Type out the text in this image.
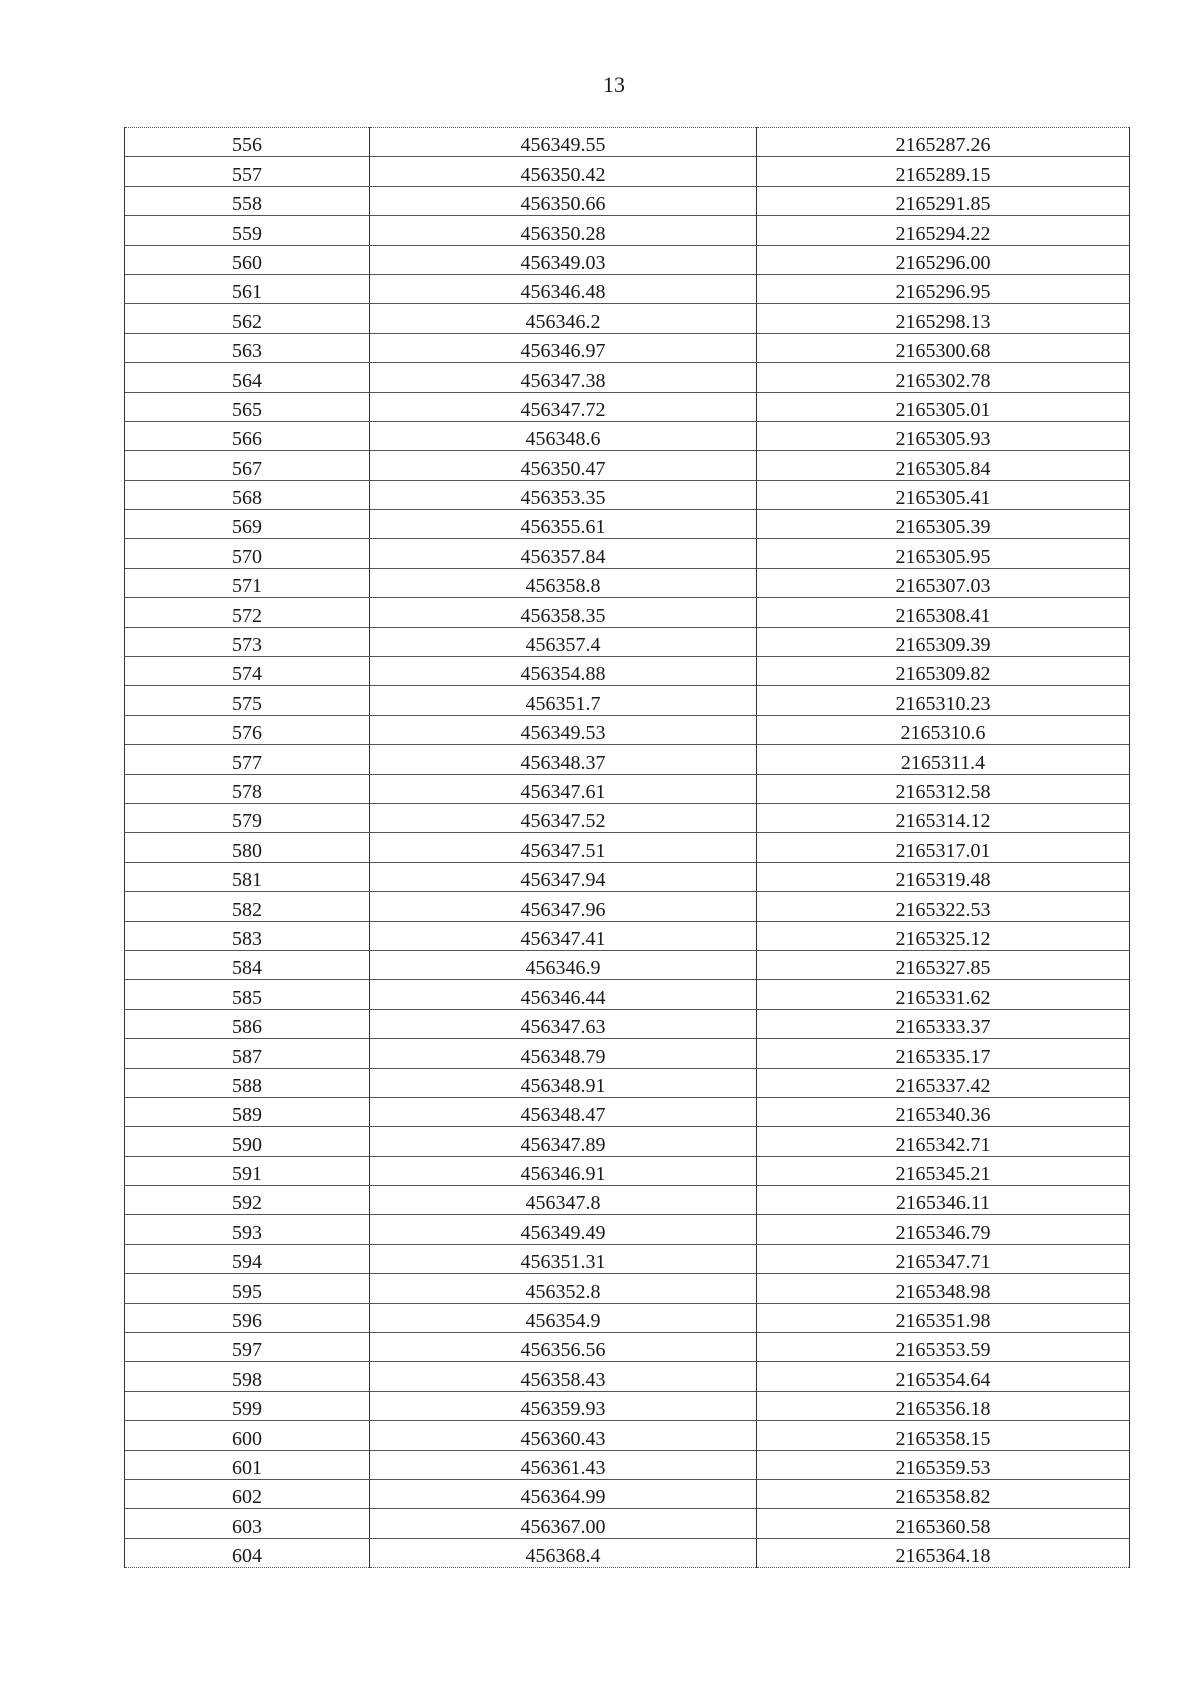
13
556	456349.55	2165287.26
557	456350.42	2165289.15
558	456350.66	2165291.85
559	456350.28	2165294.22
560	456349.03	2165296.00
561	456346.48	2165296.95
562	456346.2	2165298.13
563	456346.97	2165300.68
564	456347.38	2165302.78
565	456347.72	2165305.01
566	456348.6	2165305.93
567	456350.47	2165305.84
568	456353.35	2165305.41
569	456355.61	2165305.39
570	456357.84	2165305.95
571	456358.8	2165307.03
572	456358.35	2165308.41
573	456357.4	2165309.39
574	456354.88	2165309.82
575	456351.7	2165310.23
576	456349.53	2165310.6
577	456348.37	2165311.4
578	456347.61	2165312.58
579	456347.52	2165314.12
580	456347.51	2165317.01
581	456347.94	2165319.48
582	456347.96	2165322.53
583	456347.41	2165325.12
584	456346.9	2165327.85
585	456346.44	2165331.62
586	456347.63	2165333.37
587	456348.79	2165335.17
588	456348.91	2165337.42
589	456348.47	2165340.36
590	456347.89	2165342.71
591	456346.91	2165345.21
592	456347.8	2165346.11
593	456349.49	2165346.79
594	456351.31	2165347.71
595	456352.8	2165348.98
596	456354.9	2165351.98
597	456356.56	2165353.59
598	456358.43	2165354.64
599	456359.93	2165356.18
600	456360.43	2165358.15
601	456361.43	2165359.53
602	456364.99	2165358.82
603	456367.00	2165360.58
604	456368.4	2165364.18
